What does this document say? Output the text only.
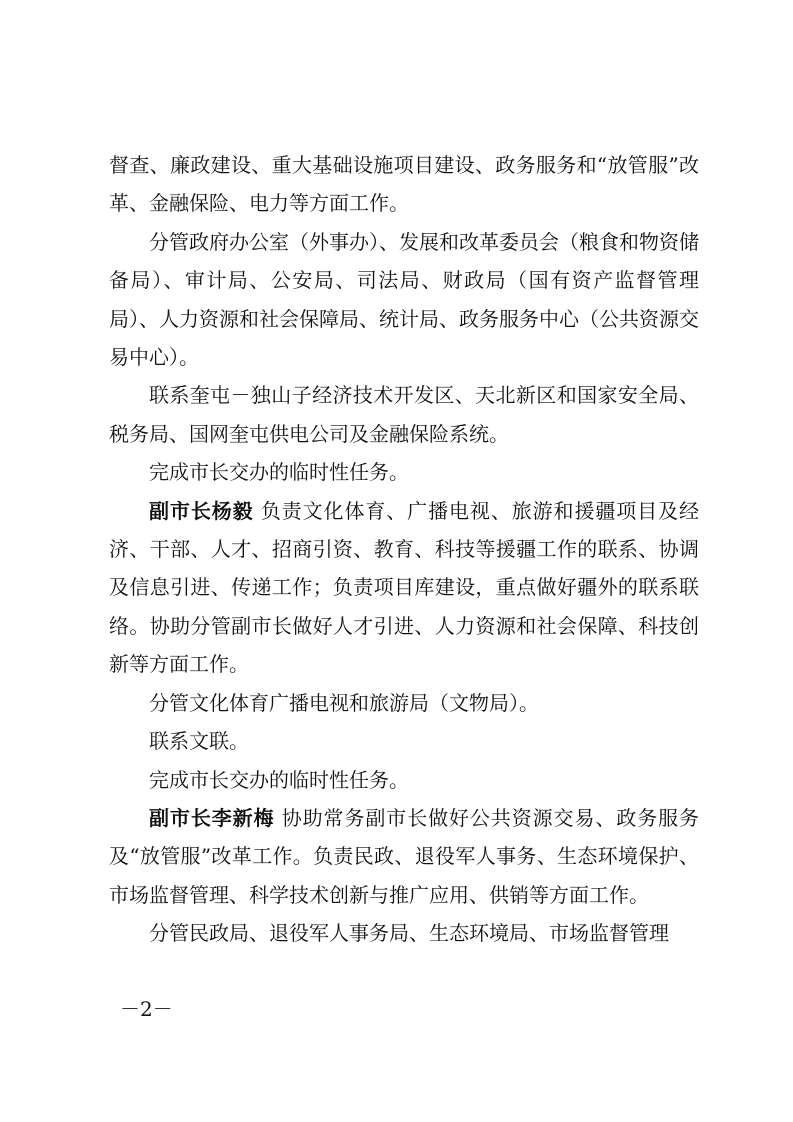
督查、廉政建设、重大基础设施项目建设、政务服务和“放管服”改革、金融保险、电力等方面工作。

分管政府办公室（外事办）、发展和改革委员会（粮食和物资储备局）、审计局、公安局、司法局、财政局（国有资产监督管理局）、人力资源和社会保障局、统计局、政务服务中心（公共资源交易中心）。

联系奎屯－独山子经济技术开发区、天北新区和国家安全局、税务局、国网奎屯供电公司及金融保险系统。

完成市长交办的临时性任务。

副市长杨毅 负责文化体育、广播电视、旅游和援疆项目及经济、干部、人才、招商引资、教育、科技等援疆工作的联系、协调及信息引进、传递工作；负责项目库建设，重点做好疆外的联系联络。协助分管副市长做好人才引进、人力资源和社会保障、科技创新等方面工作。

分管文化体育广播电视和旅游局（文物局）。

联系文联。

完成市长交办的临时性任务。

副市长李新梅 协助常务副市长做好公共资源交易、政务服务及“放管服”改革工作。负责民政、退役军人事务、生态环境保护、市场监督管理、科学技术创新与推广应用、供销等方面工作。

分管民政局、退役军人事务局、生态环境局、市场监督管理

－2－
